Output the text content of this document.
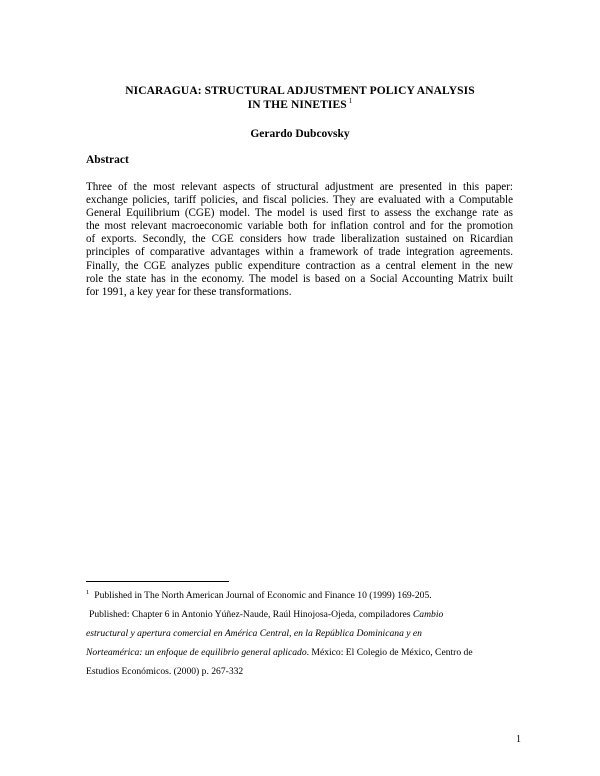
NICARAGUA: STRUCTURAL ADJUSTMENT POLICY ANALYSIS
IN THE NINETIES $^1$
Gerardo Dubcovsky
Abstract
Three of the most relevant aspects of structural adjustment are presented in this paper:
exchange policies, tariff policies, and fiscal policies. They are evaluated with a Computable
General Equilibrium (CGE) model. The model is used first to assess the exchange rate as
the most relevant macroeconomic variable both for inflation control and for the promotion
of exports. Secondly, the CGE considers how trade liberalization sustained on Ricardian
principles of comparative advantages within a framework of trade integration agreements.
Finally, the CGE analyzes public expenditure contraction as a central element in the new
role the state has in the economy. The model is based on a Social Accounting Matrix built
for 1991, a key year for these transformations.
$^1$ Published in The North American Journal of Economic and Finance 10 (1999) 169-205.
Published: Chapter 6 in Antonio Yúñez-Naude, Raúl Hinojosa-Ojeda, compiladores Cambio
estructural y apertura comercial en América Central, en la República Dominicana y en
Norteamérica: un enfoque de equilibrio general aplicado. México: El Colegio de México, Centro de
Estudios Económicos. (2000) p. 267-332
1
